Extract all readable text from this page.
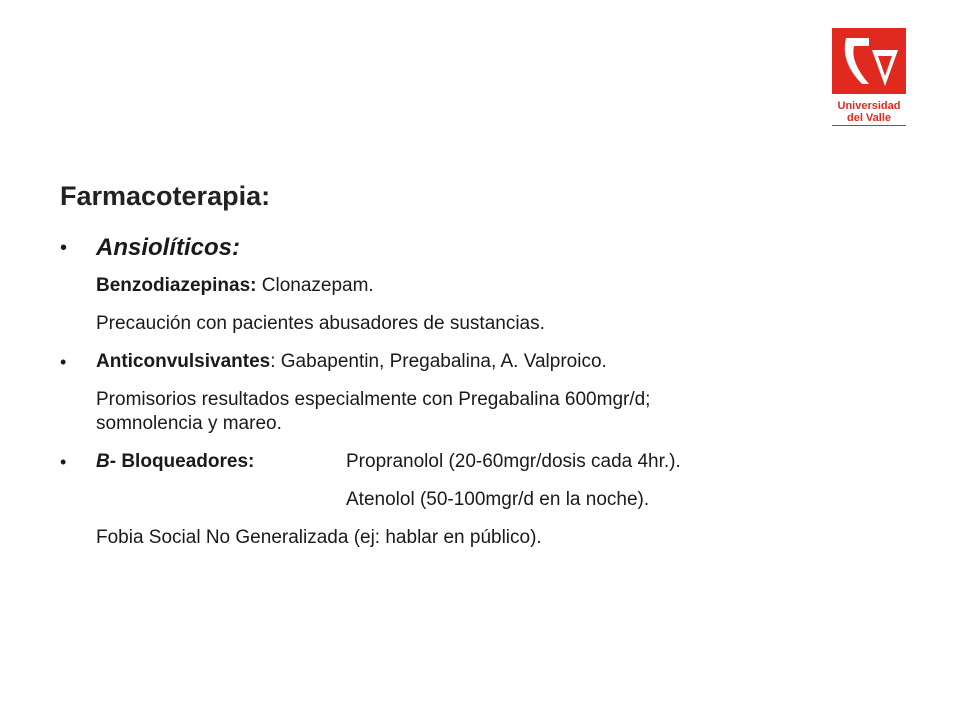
Universidad
del Valle
Farmacoterapia:
•	Ansiolíticos:
Benzodiazepinas: Clonazepam.
Precaución con pacientes abusadores de sustancias.
•	Anticonvulsivantes: Gabapentin, Pregabalina, A. Valproico.
Promisorios resultados especialmente con Pregabalina 600mgr/d;
somnolencia y mareo.
•	B- Bloqueadores:	Propranolol (20-60mgr/dosis cada 4hr.).
Atenolol (50-100mgr/d en la noche).
Fobia Social No Generalizada (ej: hablar en público).
